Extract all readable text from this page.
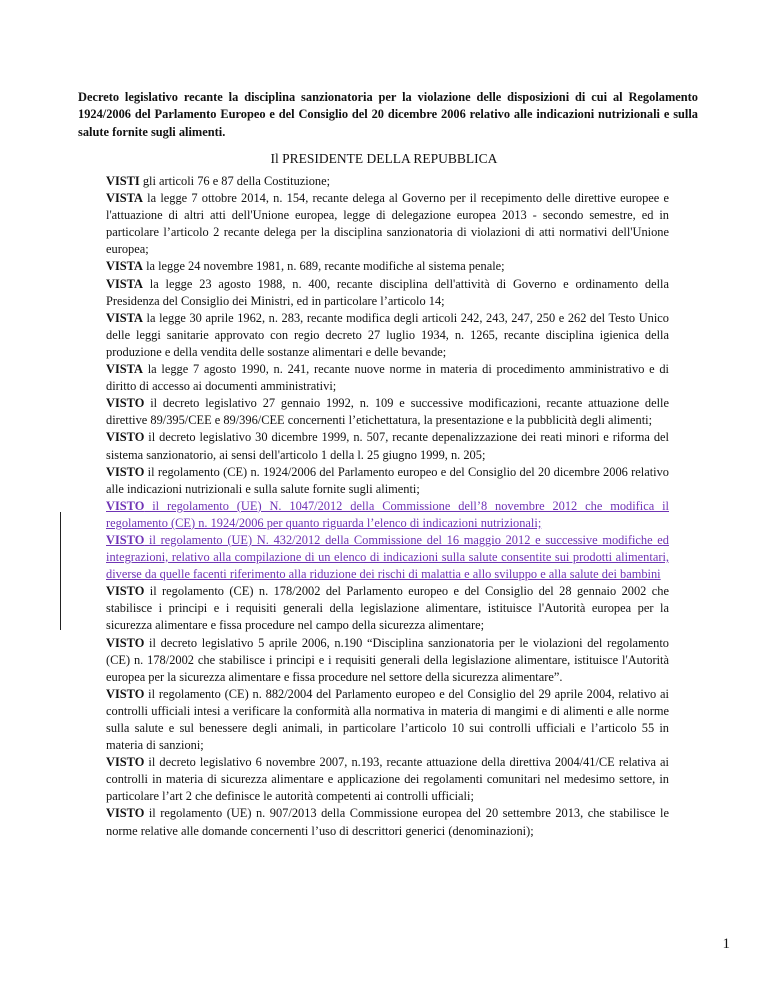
Decreto legislativo recante la disciplina sanzionatoria per la violazione delle disposizioni di cui al Regolamento 1924/2006 del Parlamento Europeo e del Consiglio del 20 dicembre 2006 relativo alle indicazioni nutrizionali e sulla salute fornite sugli alimenti.

Il PRESIDENTE DELLA REPUBBLICA

VISTI gli articoli 76 e 87 della Costituzione;

VISTA la legge 7 ottobre 2014, n. 154, recante delega al Governo per il recepimento delle direttive europee e l'attuazione di altri atti dell'Unione europea, legge di delegazione europea 2013 - secondo semestre, ed in particolare l’articolo 2 recante delega per la disciplina sanzionatoria di violazioni di atti normativi dell'Unione europea;

VISTA la legge 24 novembre 1981, n. 689, recante modifiche al sistema penale;

VISTA la legge 23 agosto 1988, n. 400, recante disciplina dell'attività di Governo e ordinamento della Presidenza del Consiglio dei Ministri, ed in particolare l’articolo 14;

VISTA la legge 30 aprile 1962, n. 283, recante modifica degli articoli 242, 243, 247, 250 e 262 del Testo Unico delle leggi sanitarie approvato con regio decreto 27 luglio 1934, n. 1265, recante disciplina igienica della produzione e della vendita delle sostanze alimentari e delle bevande;

VISTA la legge 7 agosto 1990, n. 241, recante nuove norme in materia di procedimento amministrativo e di diritto di accesso ai documenti amministrativi;

VISTO il decreto legislativo 27 gennaio 1992, n. 109 e successive modificazioni, recante attuazione delle direttive 89/395/CEE e 89/396/CEE concernenti l’etichettatura, la presentazione e la pubblicità degli alimenti;

VISTO il decreto legislativo 30 dicembre 1999, n. 507, recante depenalizzazione dei reati minori e riforma del sistema sanzionatorio, ai sensi dell'articolo 1 della l. 25 giugno 1999, n. 205;

VISTO il regolamento (CE) n. 1924/2006 del Parlamento europeo e del Consiglio del 20 dicembre 2006 relativo alle indicazioni nutrizionali e sulla salute fornite sugli alimenti;

VISTO il regolamento (UE) N. 1047/2012 della Commissione dell’8 novembre 2012 che modifica il regolamento (CE) n. 1924/2006 per quanto riguarda l’elenco di indicazioni nutrizionali;

VISTO il regolamento (UE) N. 432/2012 della Commissione del 16 maggio 2012 e successive modifiche ed integrazioni, relativo alla compilazione di un elenco di indicazioni sulla salute consentite sui prodotti alimentari, diverse da quelle facenti riferimento alla riduzione dei rischi di malattia e allo sviluppo e alla salute dei bambini

VISTO il regolamento (CE) n. 178/2002 del Parlamento europeo e del Consiglio del 28 gennaio 2002 che stabilisce i principi e i requisiti generali della legislazione alimentare, istituisce l'Autorità europea per la sicurezza alimentare e fissa procedure nel campo della sicurezza alimentare;

VISTO il decreto legislativo 5 aprile 2006, n.190 “Disciplina sanzionatoria per le violazioni del regolamento (CE) n. 178/2002 che stabilisce i principi e i requisiti generali della legislazione alimentare, istituisce l'Autorità europea per la sicurezza alimentare e fissa procedure nel settore della sicurezza alimentare”.

VISTO il regolamento (CE) n. 882/2004 del Parlamento europeo e del Consiglio del 29 aprile 2004, relativo ai controlli ufficiali intesi a verificare la conformità alla normativa in materia di mangimi e di alimenti e alle norme sulla salute e sul benessere degli animali, in particolare l’articolo 10 sui controlli ufficiali e l’articolo 55 in materia di sanzioni;

VISTO il decreto legislativo 6 novembre 2007, n.193, recante attuazione della direttiva 2004/41/CE relativa ai controlli in materia di sicurezza alimentare e applicazione dei regolamenti comunitari nel medesimo settore, in particolare l’art 2 che definisce le autorità competenti ai controlli ufficiali;

VISTO il regolamento (UE) n. 907/2013 della Commissione europea del 20 settembre 2013, che stabilisce le norme relative alle domande concernenti l’uso di descrittori generici (denominazioni);

1
